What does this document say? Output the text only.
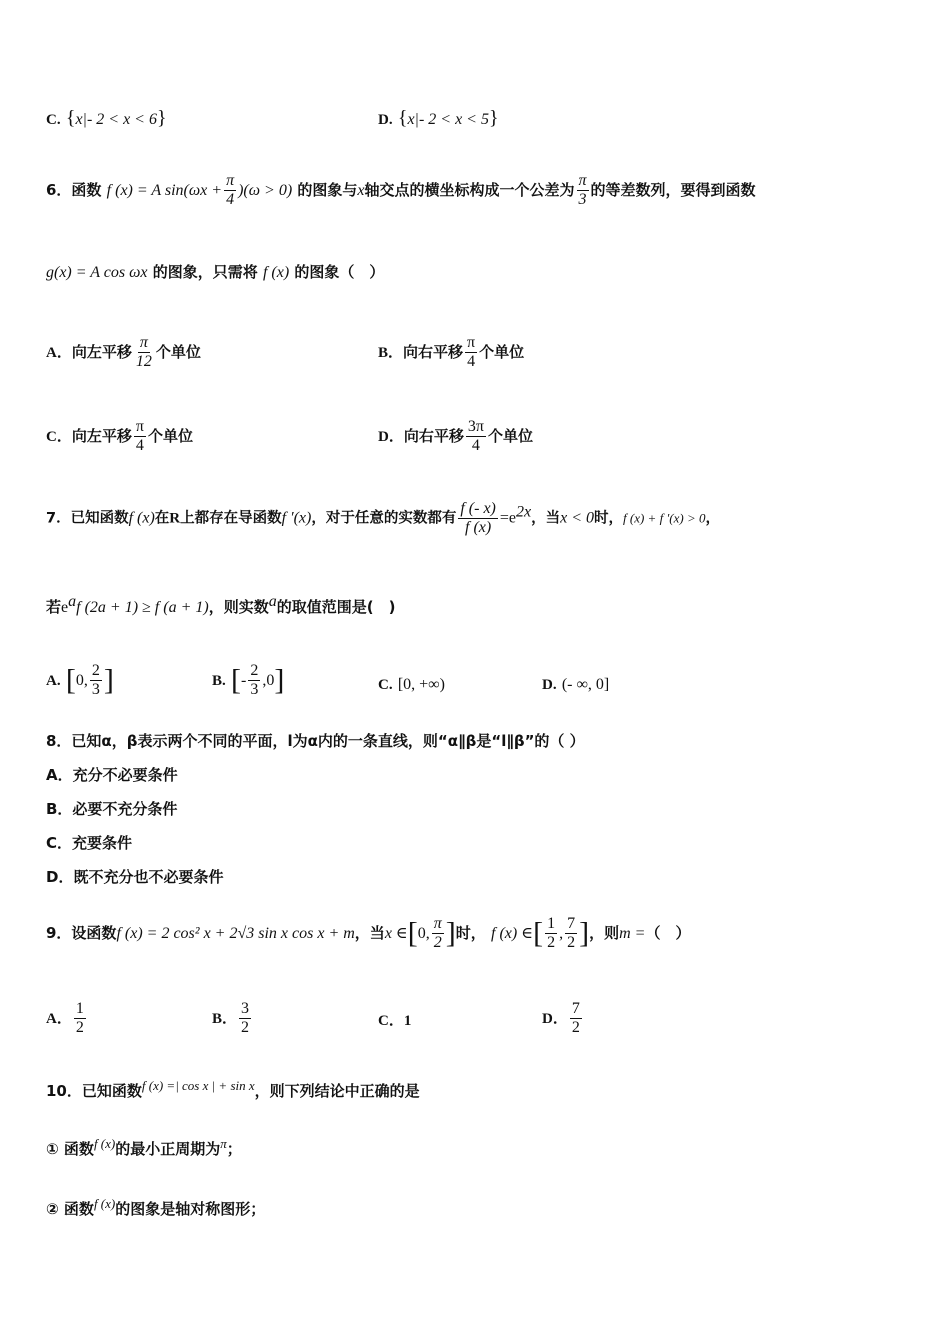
C. {x|- 2 < x < 6}	D. {x|- 2 < x < 5}
6．函数 f (x) = A $\sin(\omega x + \frac{\pi}{4} )(\omega > 0)$ 的图象与x轴交点的横坐标构成一个公差为 $\frac{\pi}{3}$ 的等差数列，要得到函数
g(x) = A cos ωx 的图象，只需将 f (x) 的图象（　）
A．向左平移 $\frac{\pi}{12}$ 个单位	B．向右平移 $\frac{\pi}{4}$ 个单位
C．向左平移 $\frac{\pi}{4}$ 个单位	D．向右平移 $\frac{3\pi}{4}$ 个单位
7．已知函数f (x)在R上都存在导函数f ′(x)，对于任意的实数都有 $\frac{f (- x)}{f (x)} =e^{2x}$，当x < 0时，f (x) + f ′(x) > 0，
若$e^af$ (2a + 1) ≥ f (a + 1)，则实数$^a$的取值范围是(　)
A. [0, $\frac{2}{3}$ ]	B. [- $\frac{2}{3} ,0$]	C. [0, +∞)	D. (- ∞, 0]
8．已知α，β表示两个不同的平面，l为α内的一条直线，则“α∥β是“l∥β”的（ ）
A．充分不必要条件
B．必要不充分条件
C．充要条件
D．既不充分也不必要条件
9．设函数f (x) = 2 cos² x + 2√3 sin x cos x + m，当x ∈[0, $\frac{\pi}{2}$ ]时， f (x) ∈[ $\frac{1}{2}$ , $\frac{7}{2}$ ]，则m =（　）
A． $\frac{1}{2}$	B． $\frac{3}{2}$	C．1	D． $\frac{7}{2}$
10．已知函数$^{f (x) =| cos x | + sin x}$，则下列结论中正确的是
① 函数$^{f (x)}$的最小正周期为$^\pi$；
② 函数$^{f (x)}$的图象是轴对称图形；
